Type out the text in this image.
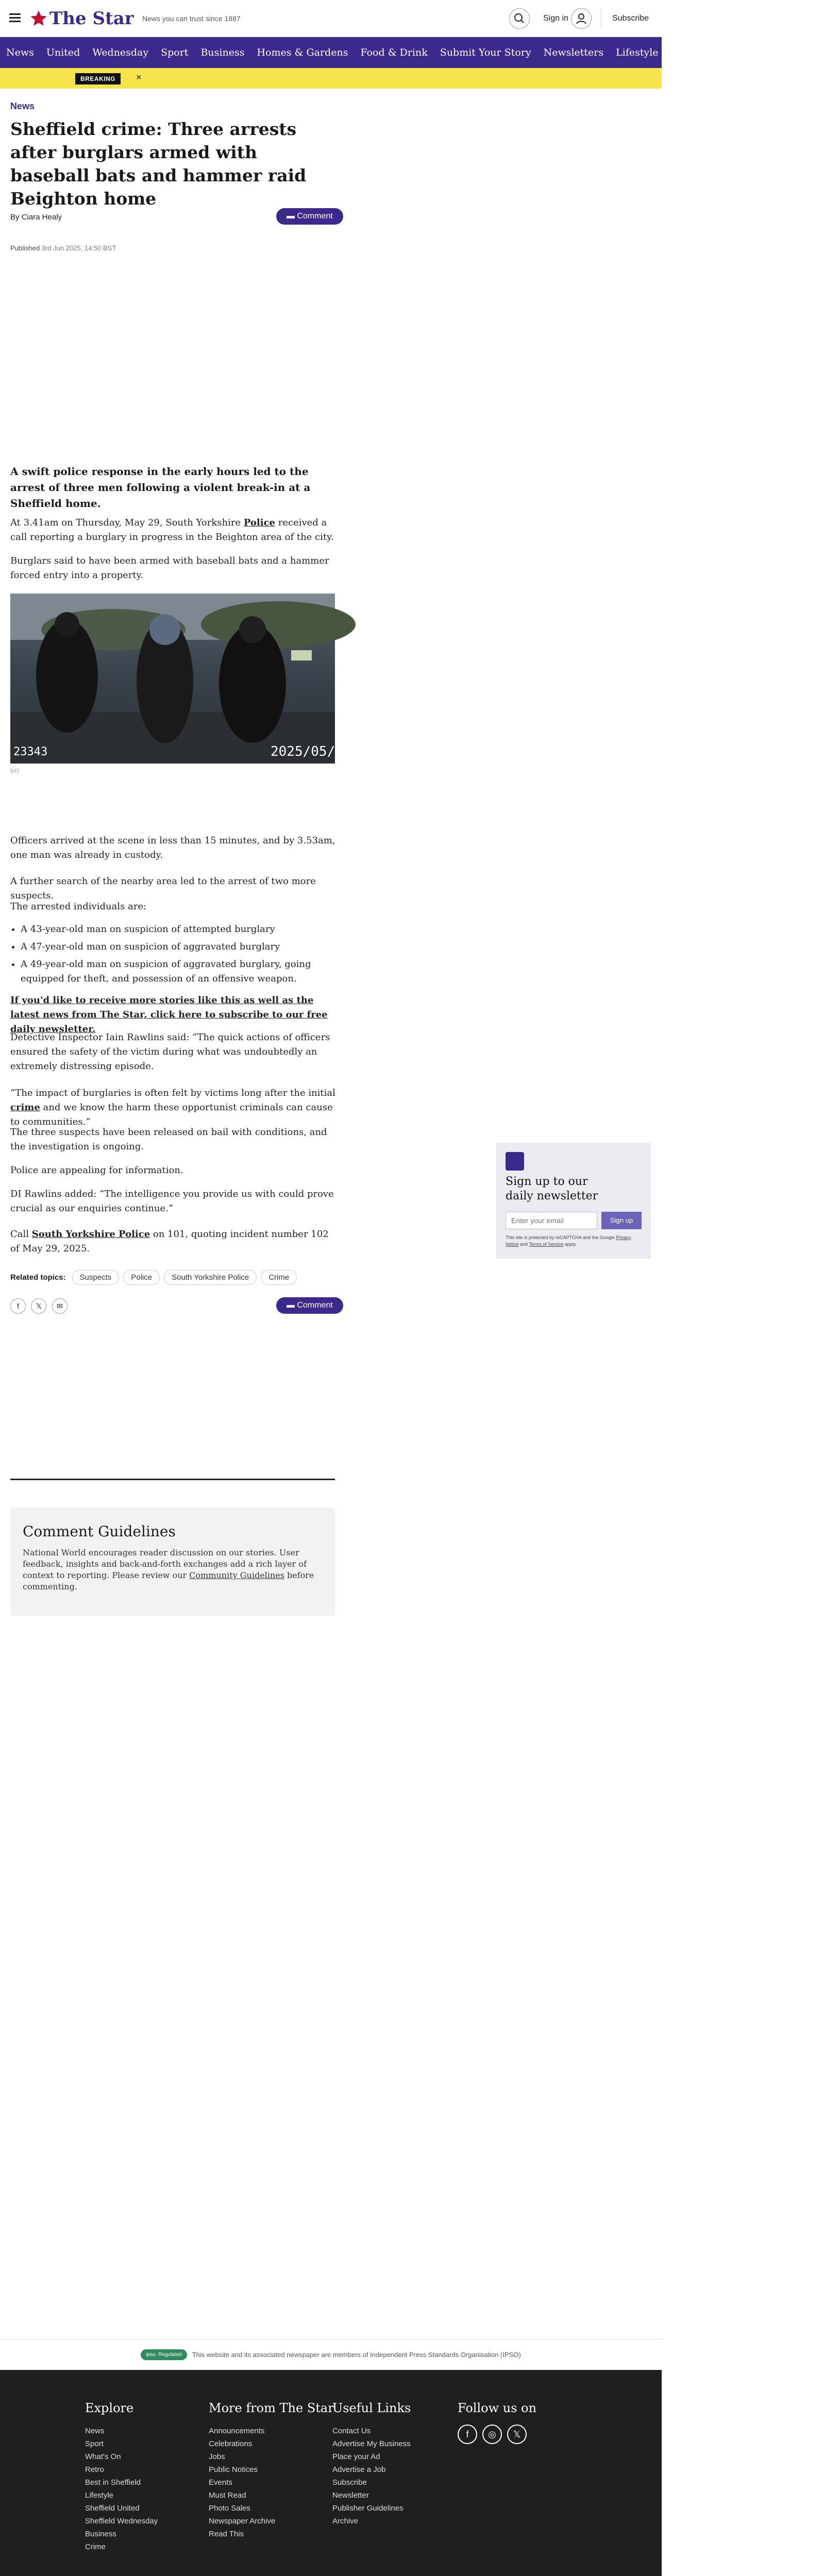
The Star News you can trust since 1887	Sign in	Subscribe
News United Wednesday Sport Business Homes & Gardens Food & Drink Submit Your Story Newsletters Lifestyle e-Paper Puzzles Advertise
BREAKING	×
News
Sheffield crime: Three arrests after burglars armed with baseball bats and hammer raid Beighton home
By Ciara Healy	▬ Comment
Published 3rd Jun 2025, 14:50 BST

A swift police response in the early hours led to the arrest of three men following a violent break-in at a Sheffield home.

At 3.41am on Thursday, May 29, South Yorkshire Police received a call reporting a burglary in progress in the Beighton area of the city.

Burglars said to have been armed with baseball bats and a hammer forced entry into a property.

23343	2025/05/
(cr)

Officers arrived at the scene in less than 15 minutes, and by 3.53am, one man was already in custody.

A further search of the nearby area led to the arrest of two more suspects.

The arrested individuals are:

• A 43-year-old man on suspicion of attempted burglary
• A 47-year-old man on suspicion of aggravated burglary
• A 49-year-old man on suspicion of aggravated burglary, going equipped for theft, and possession of an offensive weapon.

If you'd like to receive more stories like this as well as the latest news from The Star, click here to subscribe to our free daily newsletter.

Detective Inspector Iain Rawlins said: “The quick actions of officers ensured the safety of the victim during what was undoubtedly an extremely distressing episode.

“The impact of burglaries is often felt by victims long after the initial crime and we know the harm these opportunist criminals can cause to communities.”

The three suspects have been released on bail with conditions, and the investigation is ongoing.

Police are appealing for information.

DI Rawlins added: “The intelligence you provide us with could prove crucial as our enquiries continue.”

Call South Yorkshire Police on 101, quoting incident number 102 of May 29, 2025.

Related topics:	Suspects	Police	South Yorkshire Police	Crime
f 𝕏 ✉	▬ Comment
Comment Guidelines

National World encourages reader discussion on our stories. User feedback, insights and back-and-forth exchanges add a rich layer of context to reporting. Please review our Community Guidelines before commenting.

Sign up to our daily newsletter
Enter your email
Sign up
This site is protected by reCAPTCHA and the Google Privacy Notice and Terms of Service apply.
ipso. Regulated	This website and its associated newspaper are members of Independent Press Standards Organisation (IPSO)
Explore
News
Sport
What's On
Retro
Best in Sheffield
Lifestyle
Sheffield United
Sheffield Wednesday
Business
Crime
More from The Star
Announcements
Celebrations
Jobs
Public Notices
Events
Must Read
Photo Sales
Newspaper Archive
Read This
Useful Links
Contact Us
Advertise My Business
Place your Ad
Advertise a Job
Subscribe
Newsletter
Publisher Guidelines
Archive
Follow us on
f	◎	𝕏
